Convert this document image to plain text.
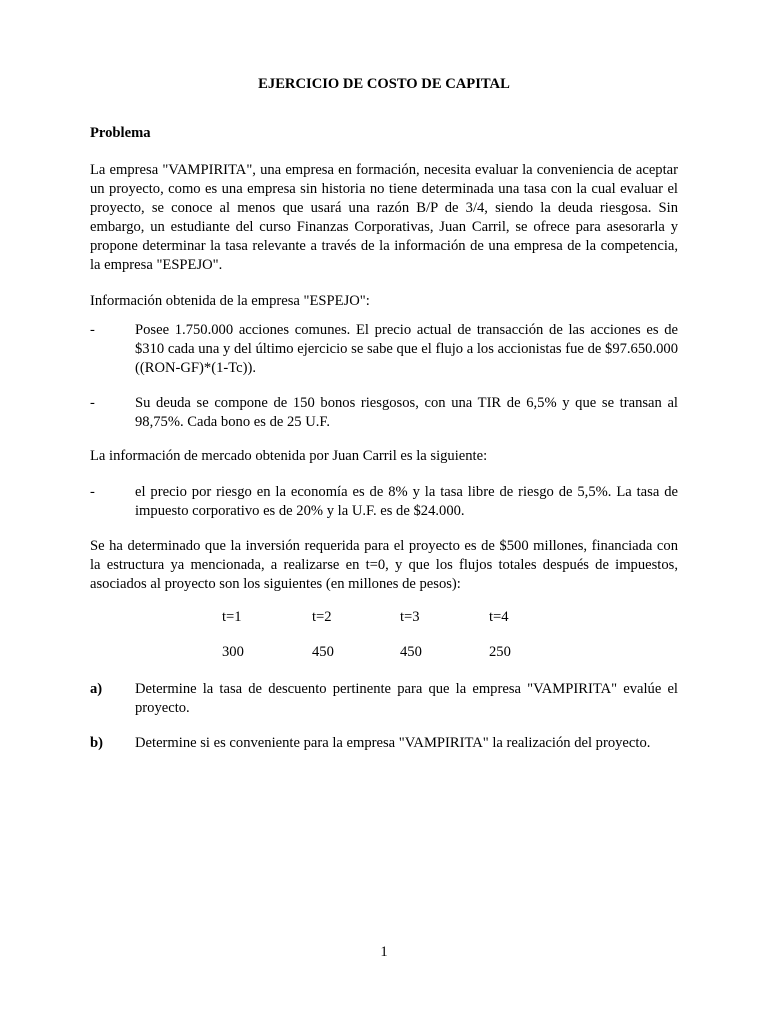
EJERCICIO DE COSTO DE CAPITAL
Problema

La empresa "VAMPIRITA", una empresa en formación, necesita evaluar la conveniencia de aceptar un proyecto, como es una empresa sin historia no tiene determinada una tasa con la cual evaluar el proyecto, se conoce al menos que usará una razón B/P de 3/4, siendo la deuda riesgosa. Sin embargo, un estudiante del curso Finanzas Corporativas, Juan Carril, se ofrece para asesorarla y propone determinar la tasa relevante a través de la información de una empresa de la competencia, la empresa "ESPEJO".

Información obtenida de la empresa "ESPEJO":

-	Posee 1.750.000 acciones comunes. El precio actual de transacción de las acciones es de $310 cada una y del último ejercicio se sabe que el flujo a los accionistas fue de $97.650.000 ((RON-GF)*(1-Tc)).
-	Su deuda se compone de 150 bonos riesgosos, con una TIR de 6,5% y que se transan al 98,75%. Cada bono es de 25 U.F.

La información de mercado obtenida por Juan Carril es la siguiente:

-	el precio por riesgo en la economía es de 8% y la tasa libre de riesgo de 5,5%. La tasa de impuesto corporativo es de 20% y la U.F. es de $24.000.

Se ha determinado que la inversión requerida para el proyecto es de $500 millones, financiada con la estructura ya mencionada, a realizarse en t=0, y que los flujos totales después de impuestos, asociados al proyecto son los siguientes (en millones de pesos):

t=1	t=2	t=3	t=4
300	450	450	250
a) Determine la tasa de descuento pertinente para que la empresa "VAMPIRITA" evalúe el proyecto.
b) Determine si es conveniente para la empresa "VAMPIRITA" la realización del proyecto.
1
